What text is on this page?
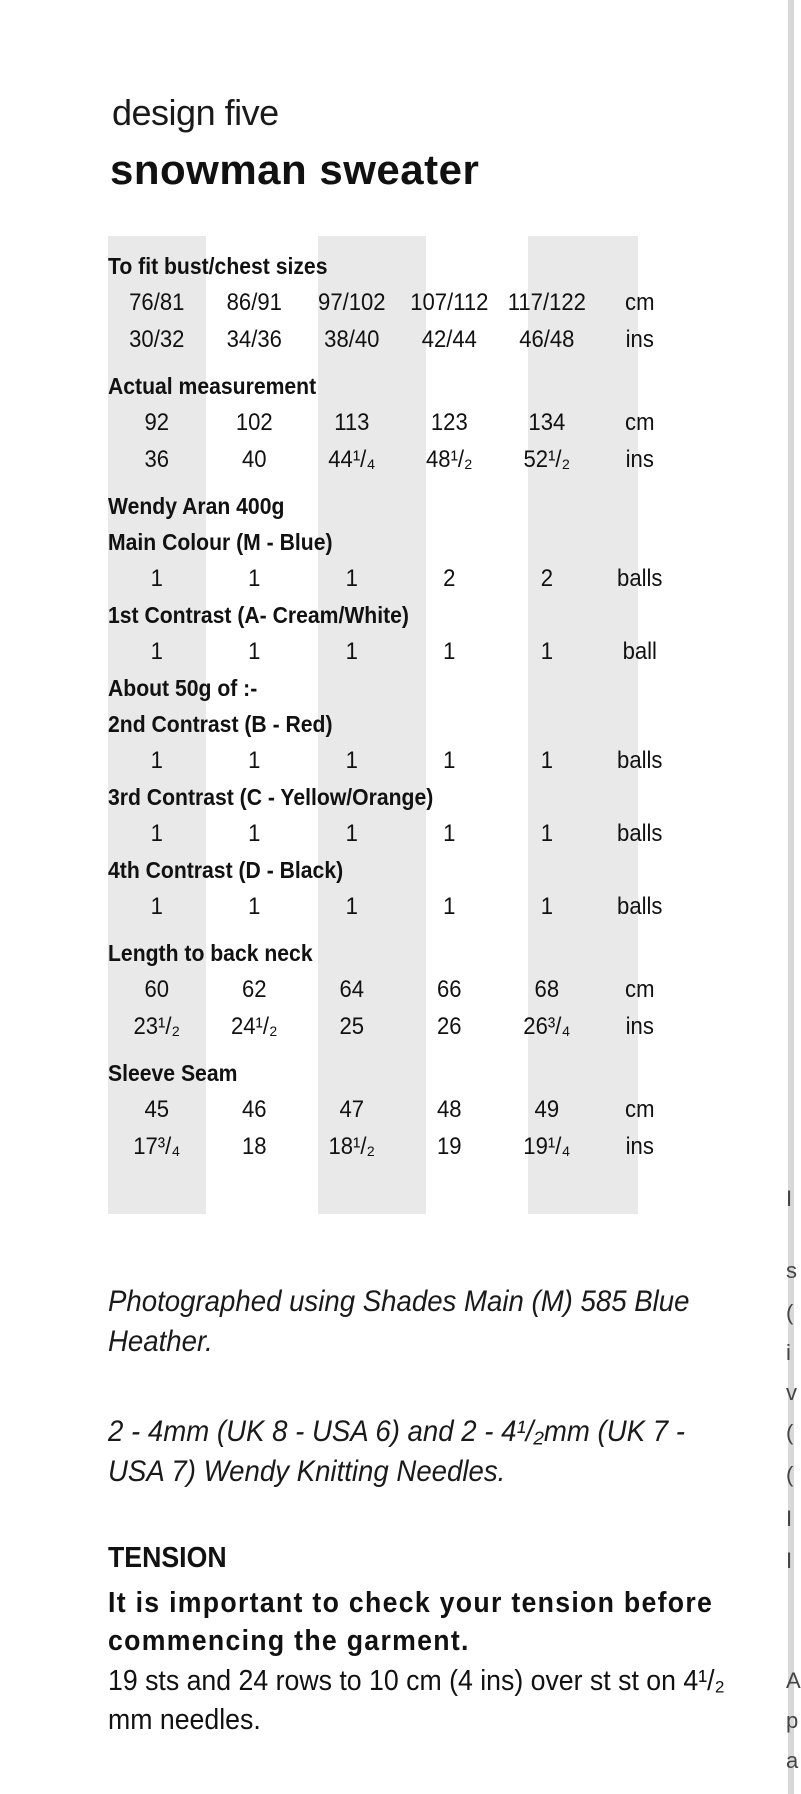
design five
snowman sweater
To fit bust/chest sizes
76/81	86/91	97/102	107/112 117/122	cm
30/32	34/36	38/40	42/44	46/48	ins
Actual measurement
92	102	113	123	134	cm
36	40	44¹/₄	48¹/₂	52¹/₂	ins
Wendy Aran 400g
Main Colour (M - Blue)
1	1	1	2	2	balls
1st Contrast (A- Cream/White)
1	1	1	1	1	ball
About 50g of :-
2nd Contrast (B - Red)
1	1	1	1	1	balls
3rd Contrast (C - Yellow/Orange)
1	1	1	1	1	balls
4th Contrast (D - Black)
1	1	1	1	1	balls
Length to back neck
60	62	64	66	68	cm
23¹/₂	24¹/₂	25	26	26³/₄	ins
Sleeve Seam
45	46	47	48	49	cm
17³/₄	18	18¹/₂	19	19¹/₄	ins
Photographed using Shades Main (M) 585 Blue Heather.
2 - 4mm (UK 8 - USA 6) and 2 - 4¹/₂mm (UK 7 - USA 7) Wendy Knitting Needles.
TENSION
It is important to check your tension before commencing the garment.
19 sts and 24 rows to 10 cm (4 ins) over st st on 4¹/₂ mm needles.
I
s
(
i
v
(
(
I
I
A
p
a
